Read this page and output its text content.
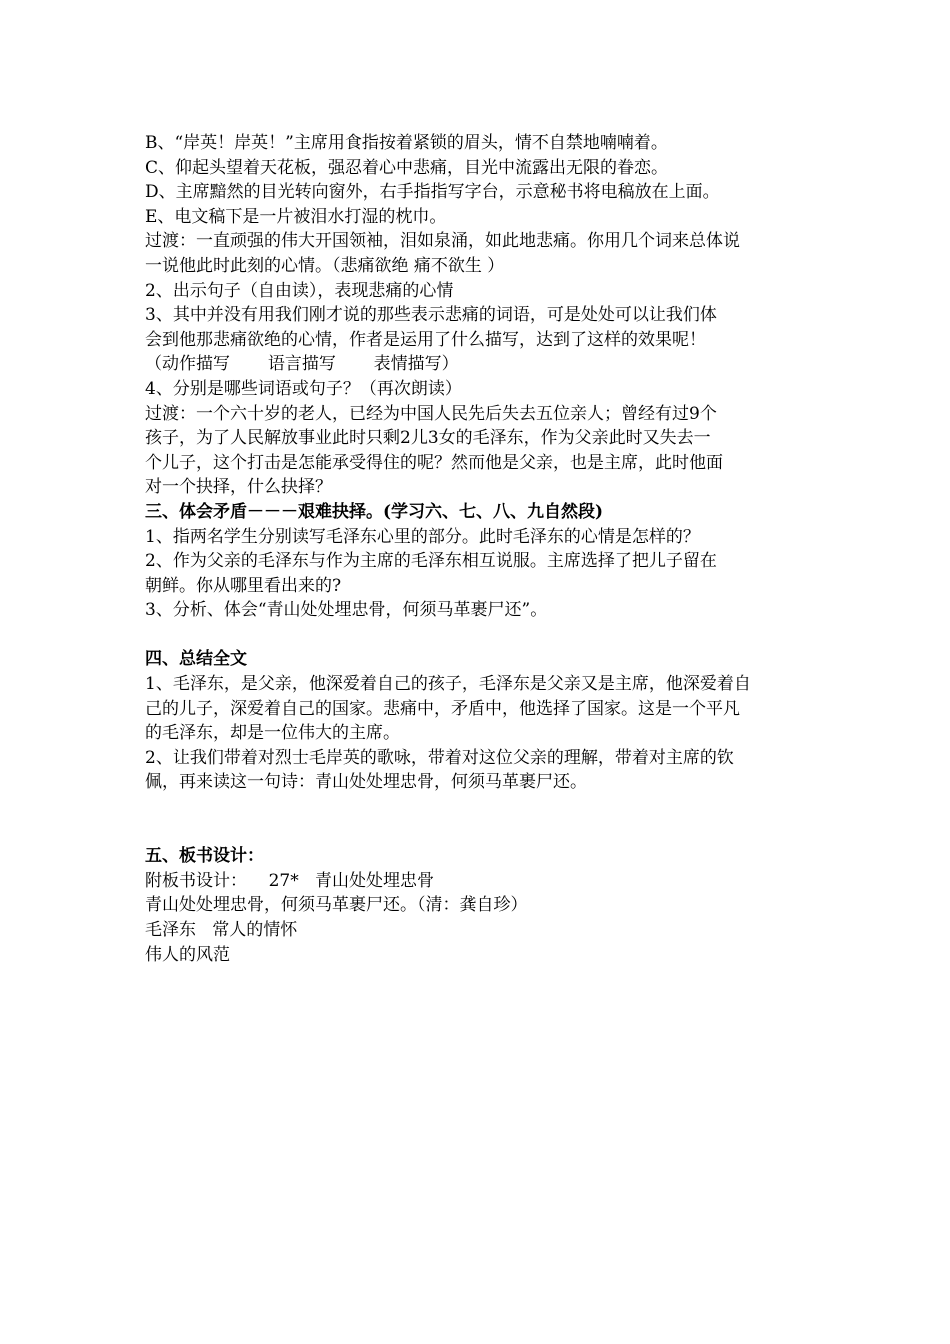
B、“岸英！岸英！”主席用食指按着紧锁的眉头，情不自禁地喃喃着。
C、仰起头望着天花板，强忍着心中悲痛，目光中流露出无限的眷恋。
D、主席黯然的目光转向窗外，右手指指写字台，示意秘书将电稿放在上面。
E、电文稿下是一片被泪水打湿的枕巾。
过渡：一直顽强的伟大开国领袖，泪如泉涌，如此地悲痛。你用几个词来总体说
一说他此时此刻的心情。（悲痛欲绝 痛不欲生 ）
2、出示句子（自由读），表现悲痛的心情
3、其中并没有用我们刚才说的那些表示悲痛的词语，可是处处可以让我们体
会到他那悲痛欲绝的心情，作者是运用了什么描写，达到了这样的效果呢！
（动作描写       语言描写       表情描写）
4、分别是哪些词语或句子？（再次朗读）
过渡：一个六十岁的老人，已经为中国人民先后失去五位亲人；曾经有过9个
孩子，为了人民解放事业此时只剩2儿3女的毛泽东，作为父亲此时又失去一
个儿子，这个打击是怎能承受得住的呢？然而他是父亲，也是主席，此时他面
对一个抉择，什么抉择？
三、体会矛盾－－－艰难抉择。(学习六、七、八、九自然段)
1、指两名学生分别读写毛泽东心里的部分。此时毛泽东的心情是怎样的？
2、作为父亲的毛泽东与作为主席的毛泽东相互说服。主席选择了把儿子留在
朝鲜。你从哪里看出来的?
3、分析、体会“青山处处埋忠骨，何须马革裹尸还”。
四、总结全文
1、毛泽东，是父亲，他深爱着自己的孩子，毛泽东是父亲又是主席，他深爱着自
己的儿子，深爱着自己的国家。悲痛中，矛盾中，他选择了国家。这是一个平凡
的毛泽东，却是一位伟大的主席。
2、让我们带着对烈士毛岸英的歌咏，带着对这位父亲的理解，带着对主席的钦
佩，再来读这一句诗：青山处处埋忠骨，何须马革裹尸还。
五、板书设计：
附板书设计：    27*   青山处处埋忠骨
青山处处埋忠骨，何须马革裹尸还。（清：龚自珍）
毛泽东   常人的情怀
伟人的风范
